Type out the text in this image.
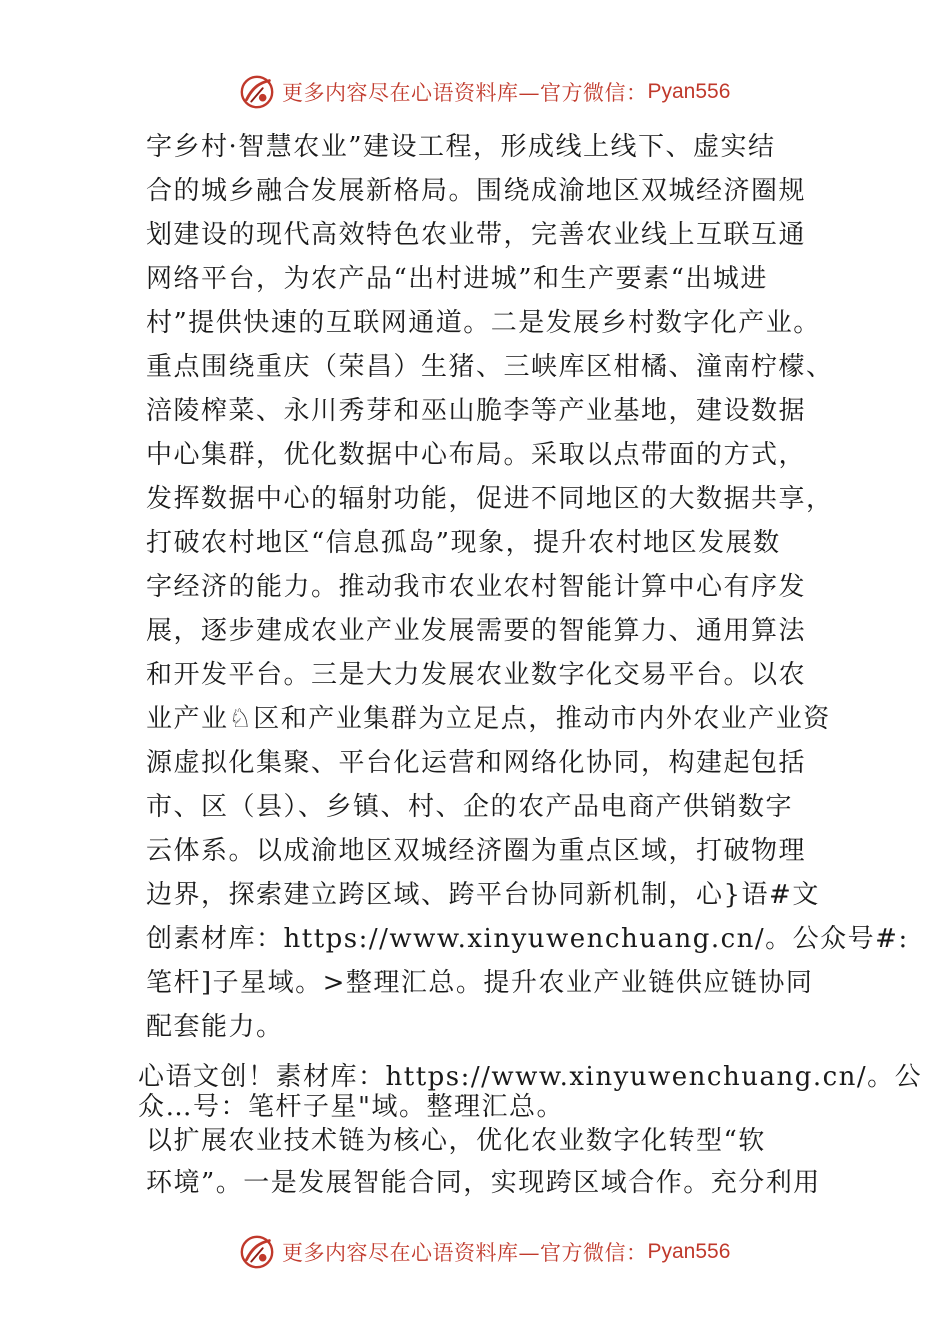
更多内容尽在心语资料库—官方微信： Pyan556
字乡村·智慧农业”建设工程，形成线上线下、虚实结
合的城乡融合发展新格局。围绕成渝地区双城经济圈规
划建设的现代高效特色农业带，完善农业线上互联互通
网络平台，为农产品“出村进城”和生产要素“出城进
村”提供快速的互联网通道。二是发展乡村数字化产业。
重点围绕重庆（荣昌）生猪、三峡库区柑橘、潼南柠檬、
涪陵榨菜、永川秀芽和巫山脆李等产业基地，建设数据
中心集群，优化数据中心布局。采取以点带面的方式，
发挥数据中心的辐射功能，促进不同地区的大数据共享，
打破农村地区“信息孤岛”现象，提升农村地区发展数
字经济的能力。推动我市农业农村智能计算中心有序发
展，逐步建成农业产业发展需要的智能算力、通用算法
和开发平台。三是大力发展农业数字化交易平台。以农
业产业♘区和产业集群为立足点，推动市内外农业产业资
源虚拟化集聚、平台化运营和网络化协同，构建起包括
市、区（县）、乡镇、村、企的农产品电商产供销数字
云体系。以成渝地区双城经济圈为重点区域，打破物理
边界，探索建立跨区域、跨平台协同新机制，心}语#文
创素材库：https://www.xinyuwenchuang.cn/。公众号#:
笔杆]子星域。>整理汇总。提升农业产业链供应链协同
配套能力。
心语文创！素材库：https://www.xinyuwenchuang.cn/。公
众…号：笔杆子星"域。整理汇总。
以扩展农业技术链为核心，优化农业数字化转型“软
环境”。一是发展智能合同，实现跨区域合作。充分利用
更多内容尽在心语资料库—官方微信： Pyan556
